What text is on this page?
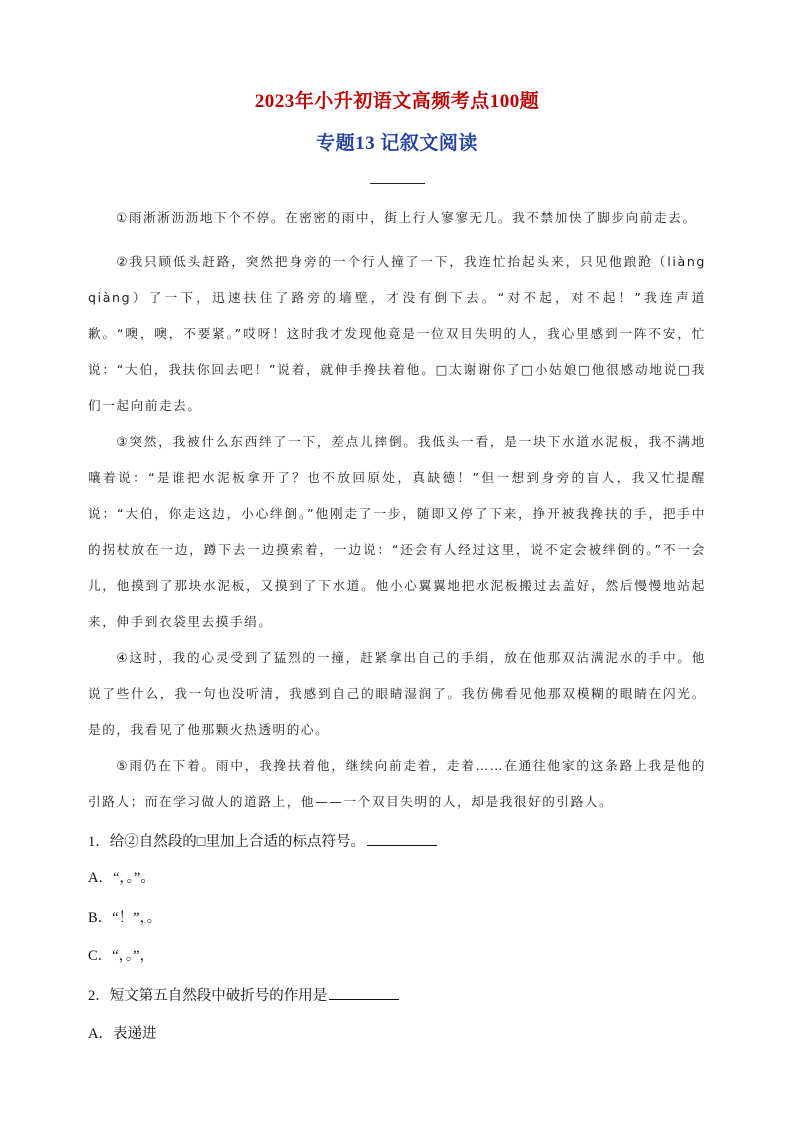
2023年小升初语文高频考点100题
专题13 记叙文阅读
①雨淅淅沥沥地下个不停。在密密的雨中，街上行人寥寥无几。我不禁加快了脚步向前走去。
②我只顾低头赶路，突然把身旁的一个行人撞了一下，我连忙抬起头来，只见他踉跄（liàng qiàng）了一下，迅速扶住了路旁的墙壁，才没有倒下去。“对不起，对不起！”我连声道歉。“噢，噢，不要紧。”哎呀！这时我才发现他竟是一位双目失明的人，我心里感到一阵不安，忙说：“大伯，我扶你回去吧！”说着，就伸手搀扶着他。□太谢谢你了□小姑娘□他很感动地说□我们一起向前走去。
③突然，我被什么东西绊了一下，差点儿摔倒。我低头一看，是一块下水道水泥板，我不满地嚷着说：“是谁把水泥板拿开了？也不放回原处，真缺德！”但一想到身旁的盲人，我又忙提醒说：“大伯，你走这边，小心绊倒。”他刚走了一步，随即又停了下来，挣开被我搀扶的手，把手中的拐杖放在一边，蹲下去一边摸索着，一边说：“还会有人经过这里，说不定会被绊倒的。”不一会儿，他摸到了那块水泥板，又摸到了下水道。他小心翼翼地把水泥板搬过去盖好，然后慢慢地站起来，伸手到衣袋里去摸手绢。
④这时，我的心灵受到了猛烈的一撞，赶紧拿出自己的手绢，放在他那双沾满泥水的手中。他说了些什么，我一句也没听清，我感到自己的眼睛湿润了。我仿佛看见他那双模糊的眼睛在闪光。是的，我看见了他那颗火热透明的心。
⑤雨仍在下着。雨中，我搀扶着他，继续向前走着，走着……在通往他家的这条路上我是他的引路人；而在学习做人的道路上，他——一个双目失明的人，却是我很好的引路人。
1．给②自然段的□里加上合适的标点符号。
A．“，。”。
B．“！”，。
C．“，。”，
2．短文第五自然段中破折号的作用是
A．表递进
